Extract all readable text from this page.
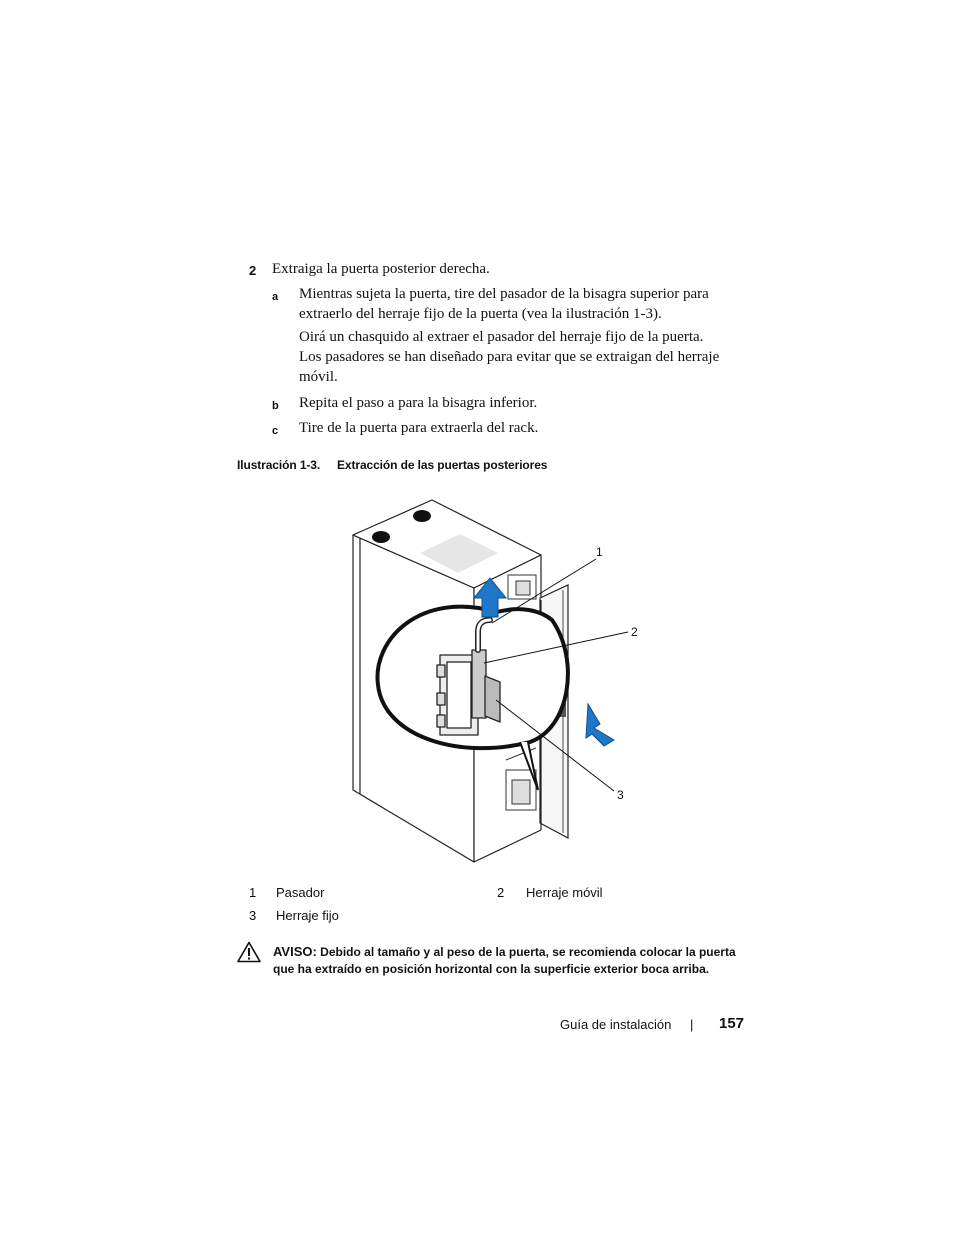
2 Extraiga la puerta posterior derecha.
a Mientras sujeta la puerta, tire del pasador de la bisagra superior para
extraerlo del herraje fijo de la puerta (vea la ilustración 1-3).
Oirá un chasquido al extraer el pasador del herraje fijo de la puerta.
Los pasadores se han diseñado para evitar que se extraigan del herraje
móvil.
b Repita el paso a para la bisagra inferior.
c Tire de la puerta para extraerla del rack.
Ilustración 1-3. Extracción de las puertas posteriores
1
2
3
1 Pasador	2 Herraje móvil
3 Herraje fijo
AVISO: Debido al tamaño y al peso de la puerta, se recomienda colocar la puerta
que ha extraído en posición horizontal con la superficie exterior boca arriba.
Guía de instalación | 157
